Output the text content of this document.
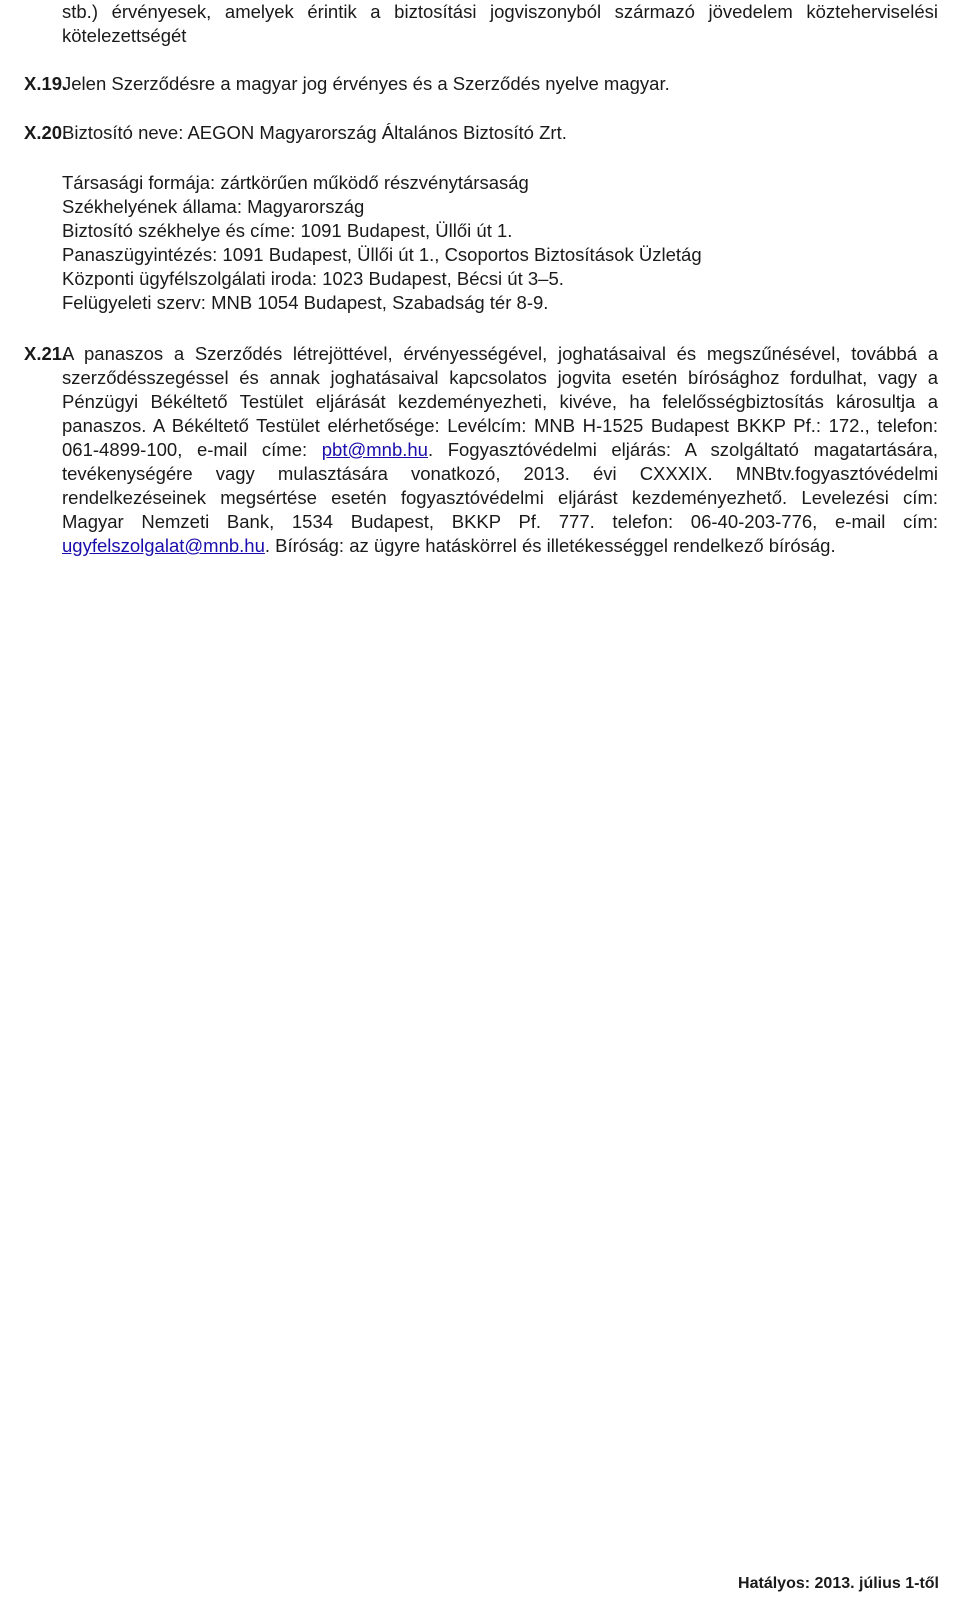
stb.) érvényesek, amelyek érintik a biztosítási jogviszonyból származó jövedelem közteherviselési kötelezettségét
X.19.
Jelen Szerződésre a magyar jog érvényes és a Szerződés nyelve magyar.
X.20.
Biztosító neve: AEGON Magyarország Általános Biztosító Zrt.
Társasági formája: zártkörűen működő részvénytársaság
Székhelyének állama: Magyarország
Biztosító székhelye és címe: 1091 Budapest, Üllői út 1.
Panaszügyintézés: 1091 Budapest, Üllői út 1., Csoportos Biztosítások Üzletág
Központi ügyfélszolgálati iroda: 1023 Budapest, Bécsi út 3–5.
Felügyeleti szerv: MNB 1054 Budapest, Szabadság tér 8-9.
X.21.
A panaszos a Szerződés létrejöttével, érvényességével, joghatásaival és megszűnésével, továbbá a szerződésszegéssel és annak joghatásaival kapcsolatos jogvita esetén bírósághoz fordulhat, vagy a Pénzügyi Békéltető Testület eljárását kezdeményezheti, kivéve, ha felelősségbiztosítás károsultja a panaszos. A Békéltető Testület elérhetősége: Levélcím: MNB H-1525 Budapest BKKP Pf.: 172., telefon: 061-4899-100, e-mail címe: pbt@mnb.hu. Fogyasztóvédelmi eljárás: A szolgáltató magatartására, tevékenységére vagy mulasztására vonatkozó, 2013. évi CXXXIX. MNBtv.fogyasztóvédelmi rendelkezéseinek megsértése esetén fogyasztóvédelmi eljárást kezdeményezhető. Levelezési cím: Magyar Nemzeti Bank, 1534 Budapest, BKKP Pf. 777. telefon: 06-40-203-776, e-mail cím: ugyfelszolgalat@mnb.hu. Bíróság: az ügyre hatáskörrel és illetékességgel rendelkező bíróság.
Hatályos: 2013. július 1-től
